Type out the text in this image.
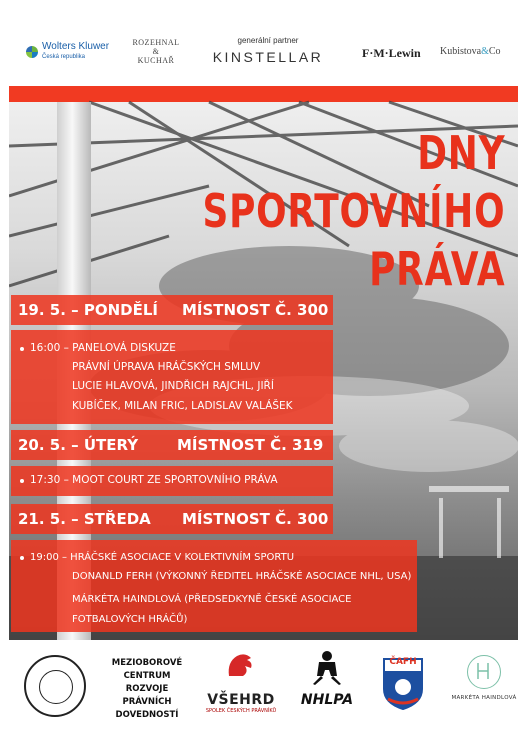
Wolters Kluwer
Česká republika
ROZEHNAL
&
KUCHAŘ
generální partner
KINSTELLAR	F·M·Lewin Kubistova&Co
DNY
SPORTOVNÍHO
PRÁVA
19. 5. – PONDĚLÍ MÍSTNOST Č. 300
16:00 – PANELOVÁ DISKUZE
PRÁVNÍ ÚPRAVA HRÁČSKÝCH SMLUV
LUCIE HLAVOVÁ, JINDŘICH RAJCHL, JIŘÍ
KUBÍČEK, MILAN FRIC, LADISLAV VALÁŠEK
20. 5. – ÚTERÝ	MÍSTNOST Č. 319
17:30 – MOOT COURT ZE SPORTOVNÍHO PRÁVA
21. 5. – STŘEDA MÍSTNOST Č. 300
19:00 – HRÁČSKÉ ASOCIACE V KOLEKTIVNÍM SPORTU
DONANLD FERH (VÝKONNÝ ŘEDITEL HRÁČSKÉ ASOCIACE NHL, USA)
MÁRKÉTA HAINDLOVÁ (PŘEDSEDKYNĚ ČESKÉ ASOCIACE
FOTBALOVÝCH HRÁČŮ)
MEZIOBOROVÉ CENTRUM
ROZVOJE PRÁVNÍCH
DOVEDNOSTÍ
VŠEHRD
SPOLEK ČESKÝCH PRÁVNÍKŮ
NHLPA
ČAFH
MARKÉTA HAINDLOVÁ
